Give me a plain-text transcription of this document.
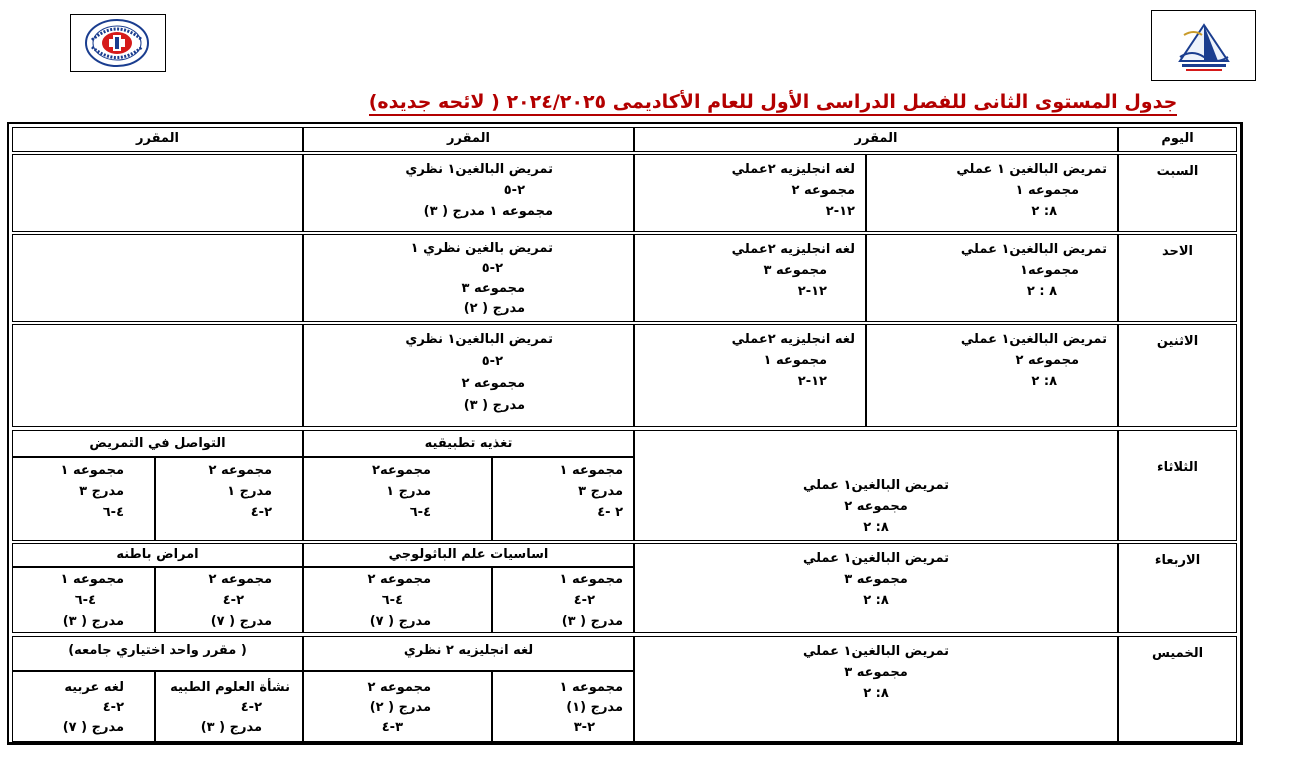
جدول المستوى الثانى للفصل الدراسى الأول للعام الأكاديمى ٢٠٢٤/٢٠٢٥ ( لائحه جديده)
اليوم
المقرر
المقرر
المقرر
السبت
تمريض البالغين ١ عملي
مجموعه ١
٨: ٢
لغه انجليزيه ٢عملي
مجموعه ٢
١٢-٢
تمريض البالغين١ نظري
٢-٥
مجموعه ١ مدرج ( ٣)
الاحد
تمريض البالغين١ عملي
مجموعه١
٨ : ٢
لغه انجليزيه ٢عملي
مجموعه ٣
١٢-٢
تمريض بالغين نظري ١
٢-٥
مجموعه ٣
مدرج ( ٢)
الاثنين
تمريض البالغين١ عملي
مجموعه ٢
٨: ٢
لغه انجليزيه ٢عملي
مجموعه ١
١٢-٢
تمريض البالغين١ نظري
٢-٥
مجموعه ٢
مدرج ( ٣)
الثلاثاء
تمريض البالغين١ عملي
مجموعه ٢
٨: ٢
تغذيه تطبيقيه
مجموعه ١
مدرج ٣
٢ -٤
مجموعه٢
مدرج ١
٤-٦
التواصل في التمريض
مجموعه ٢
مدرج ١
٢-٤
مجموعه ١
مدرج ٣
٤-٦
الاربعاء
تمريض البالغين١ عملي
مجموعه ٣
٨: ٢
اساسيات علم الباثولوجي
مجموعه ١
٢-٤
مدرج ( ٣)
مجموعه ٢
٤-٦
مدرج ( ٧)
امراض باطنه
مجموعه ٢
٢-٤
مدرج ( ٧)
مجموعه ١
٤-٦
مدرج ( ٣)
الخميس
تمريض البالغين١ عملي
مجموعه ٣
٨: ٢
لغه انجليزيه ٢ نظري
مجموعه ١
مدرج (١)
٢-٣
مجموعه ٢
مدرج ( ٢)
٣-٤
( مقرر واحد اختياري جامعه)
نشأة العلوم الطبيه
٢-٤
مدرج ( ٣)
لغه عربيه
٢-٤
مدرج ( ٧)
